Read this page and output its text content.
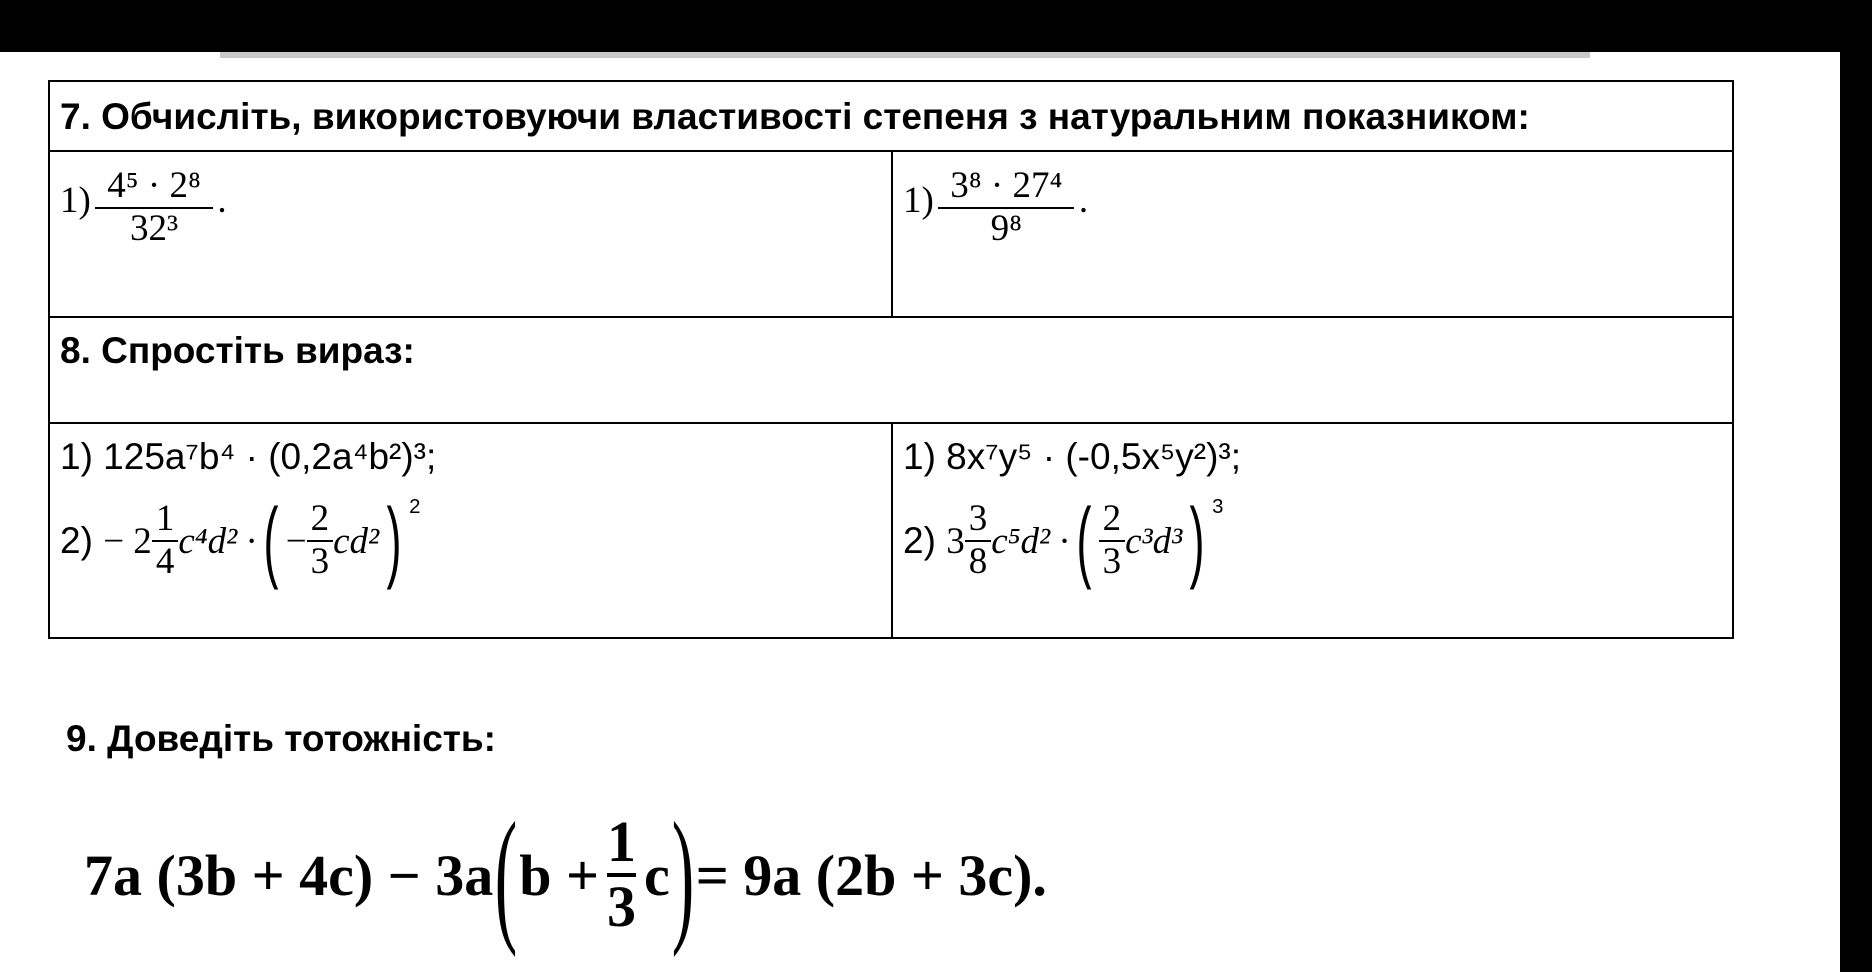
7. Обчисліть, використовуючи властивості степеня з натуральним показником:
$1) \frac{\text{4⁵ · 2⁸}}{\text{32³}}$ .	$1) \frac{\text{3⁸ · 27⁴}}{\text{9⁸}}$ .
8. Спростіть вираз:
1) 125a⁷b⁴ · (0,2a⁴b²)³;
2)
− $2 \frac{1}{4} c^4d^2$ · ( − $\frac{2}{3} cd^2$ ) $^2$
1) 8x⁷y⁵ · (-0,5x⁵y²)³;
2)
$3 \frac{3}{8} c^5d^2$ · ( $\frac{2}{3} c^3d^3$ ) $^3$
9. Доведіть тотожність:
7a (3b + 4c) − 3a ( b +
1
3 c ) = 9a (2b + 3c).
